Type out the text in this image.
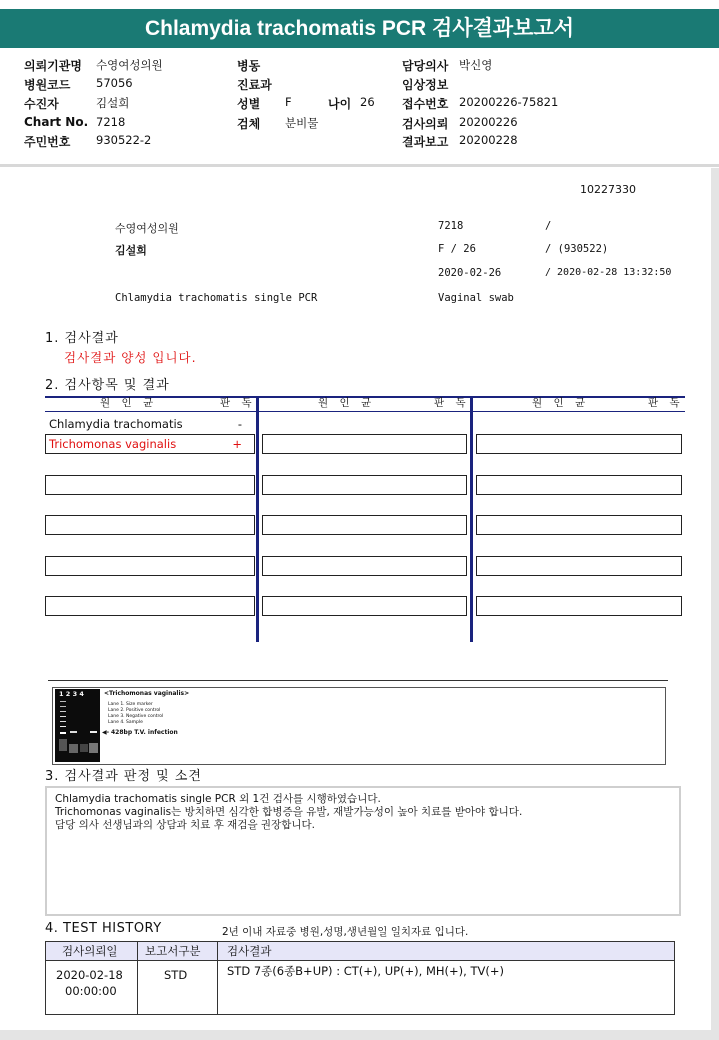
Chlamydia trachomatis PCR 검사결과보고서
의뢰기관명 수영여성의원
병원코드 57056
수진자	김설희
Chart No. 7218
주민번호 930522-2
병동
진료과
성별 F	나이 26
검체 분비물
담당의사 박신영
임상정보
접수번호 20200226-75821
검사의뢰 20200226
결과보고 20200228
10227330
수영여성의원	7218	/
김설희	F / 26	/ (930522)
2020-02-26	/ 2020-02-28 13:32:50
Chlamydia trachomatis single PCR	Vaginal swab
1. 검사결과
검사결과 양성 입니다.
2. 검사항목 및 결과
원 인 균	판 독	원 인 균	판 독	원 인 균	판 독
Chlamydia trachomatis	-
Trichomonas vaginalis	+
1 2 3 4	<Trichomonas vaginalis>
Lane 1. Size marker
Lane 2. Positive control
Lane 3. Negative control
Lane 4. Sample
◀- 428bp T.V. infection
3. 검사결과 판정 및 소견
Chlamydia trachomatis single PCR 외 1건 검사를 시행하였습니다.
Trichomonas vaginalis는 방치하면 심각한 합병증을 유발, 재발가능성이 높아 치료를 받아야 합니다.
담당 의사 선생님과의 상담과 치료 후 재검을 권장합니다.
4. TEST HISTORY	2년 이내 자료중 병원,성명,생년월일 일치자료 입니다.
검사의뢰일 보고서구분 검사결과
2020-02-18
00:00:00
STD	STD 7종(6종B+UP) : CT(+), UP(+), MH(+), TV(+)
